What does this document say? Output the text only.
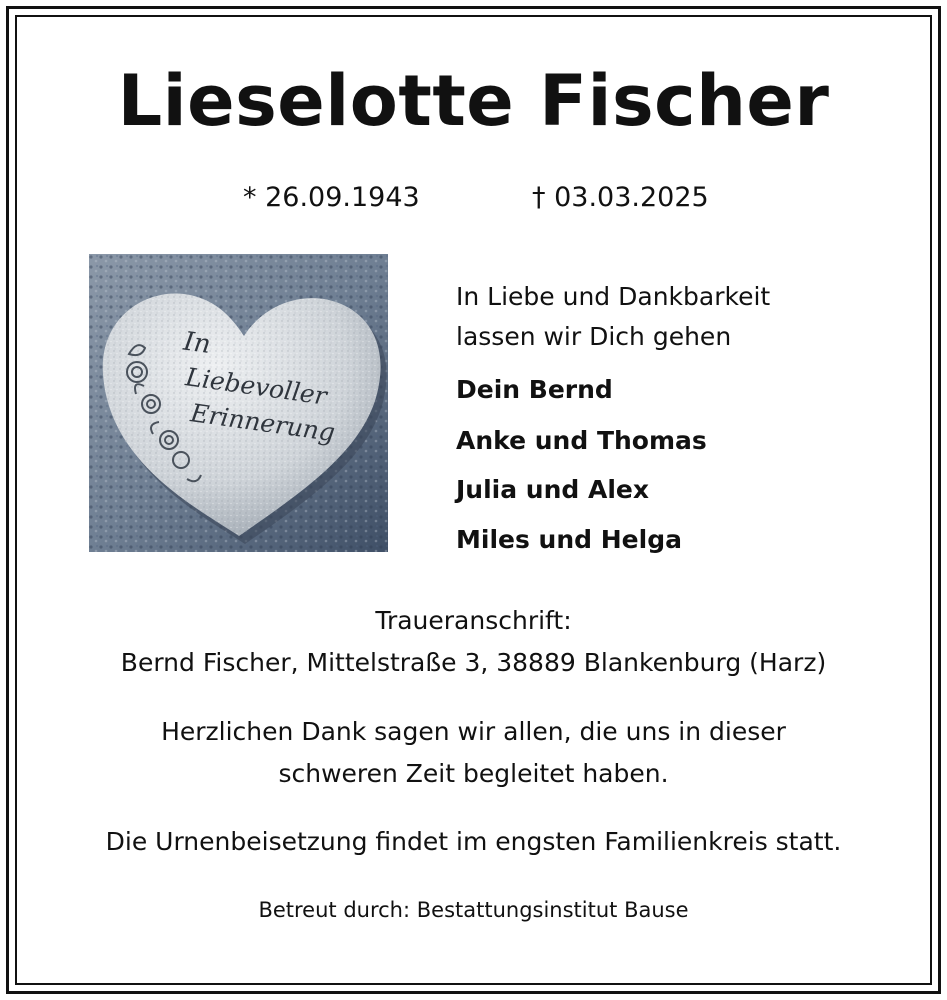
Lieselotte Fischer
* 26.09.1943	† 03.03.2025
In
Liebevoller
Erinnerung
In Liebe und Dankbarkeit
lassen wir Dich gehen
Dein Bernd
Anke und Thomas
Julia und Alex
Miles und Helga
Traueranschrift:
Bernd Fischer, Mittelstraße 3, 38889 Blankenburg (Harz)
Herzlichen Dank sagen wir allen, die uns in dieser
schweren Zeit begleitet haben.
Die Urnenbeisetzung findet im engsten Familienkreis statt.
Betreut durch: Bestattungsinstitut Bause
